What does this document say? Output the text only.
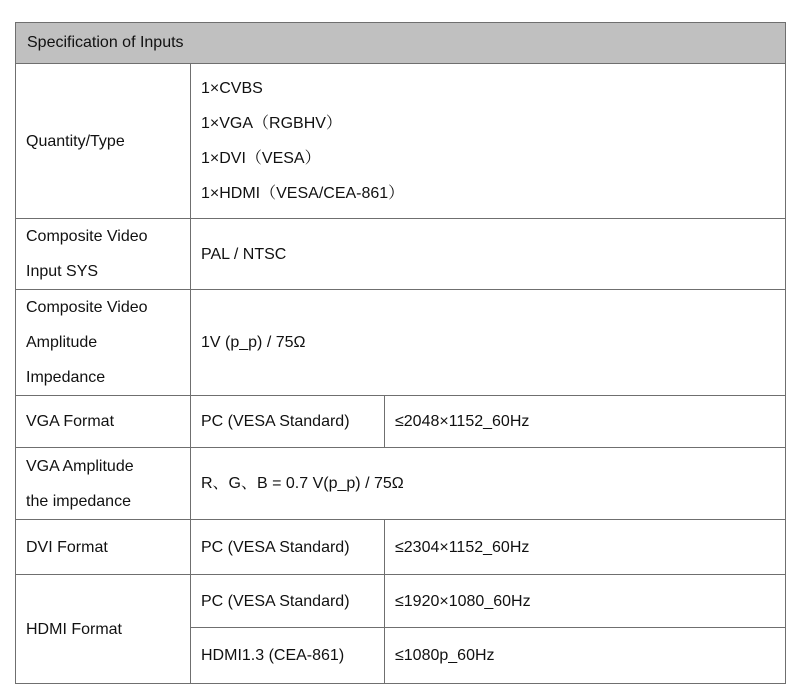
Specification of Inputs		
Quantity/Type	1×CVBS
1×VGA（RGBHV）
1×DVI（VESA）
1×HDMI（VESA/CEA-861）	

Composite Video
Input SYS	PAL / NTSC	

Composite Video
Amplitude
Impedance	1V (p_p) / 75Ω	
VGA Format	PC (VESA Standard)	≤2048×1152_60Hz

VGA Amplitude
the impedance	R、G、B = 0.7 V(p_p) / 75Ω	
DVI Format	PC (VESA Standard)	≤2304×1152_60Hz
HDMI Format	PC (VESA Standard)	≤1920×1080_60Hz
	HDMI1.3 (CEA-861)	≤1080p_60Hz
